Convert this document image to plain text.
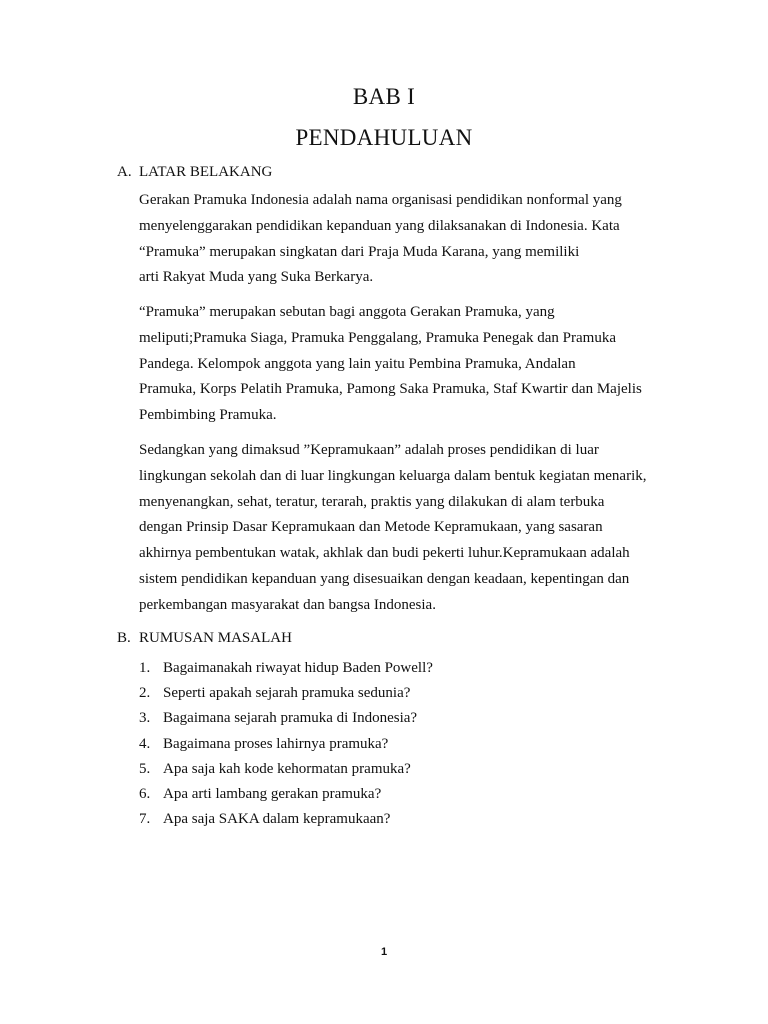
BAB I
PENDAHULUAN
A. LATAR BELAKANG
Gerakan Pramuka Indonesia adalah nama organisasi pendidikan nonformal yang
menyelenggarakan pendidikan kepanduan yang dilaksanakan di Indonesia. Kata
“Pramuka” merupakan singkatan dari Praja Muda Karana, yang memiliki
arti Rakyat Muda yang Suka Berkarya.
“Pramuka” merupakan sebutan bagi anggota Gerakan Pramuka, yang
meliputi;Pramuka Siaga, Pramuka Penggalang, Pramuka Penegak dan Pramuka
Pandega. Kelompok anggota yang lain yaitu Pembina Pramuka, Andalan
Pramuka, Korps Pelatih Pramuka, Pamong Saka Pramuka, Staf Kwartir dan Majelis
Pembimbing Pramuka.
Sedangkan yang dimaksud ”Kepramukaan” adalah proses pendidikan di luar
lingkungan sekolah dan di luar lingkungan keluarga dalam bentuk kegiatan menarik,
menyenangkan, sehat, teratur, terarah, praktis yang dilakukan di alam terbuka
dengan Prinsip Dasar Kepramukaan dan Metode Kepramukaan, yang sasaran
akhirnya pembentukan watak, akhlak dan budi pekerti luhur.Kepramukaan adalah
sistem pendidikan kepanduan yang disesuaikan dengan keadaan, kepentingan dan
perkembangan masyarakat dan bangsa Indonesia.
B. RUMUSAN MASALAH
1. Bagaimanakah riwayat hidup Baden Powell?
2. Seperti apakah sejarah pramuka sedunia?
3. Bagaimana sejarah pramuka di Indonesia?
4. Bagaimana proses lahirnya pramuka?
5. Apa saja kah kode kehormatan pramuka?
6. Apa arti lambang gerakan pramuka?
7. Apa saja SAKA dalam kepramukaan?
1
